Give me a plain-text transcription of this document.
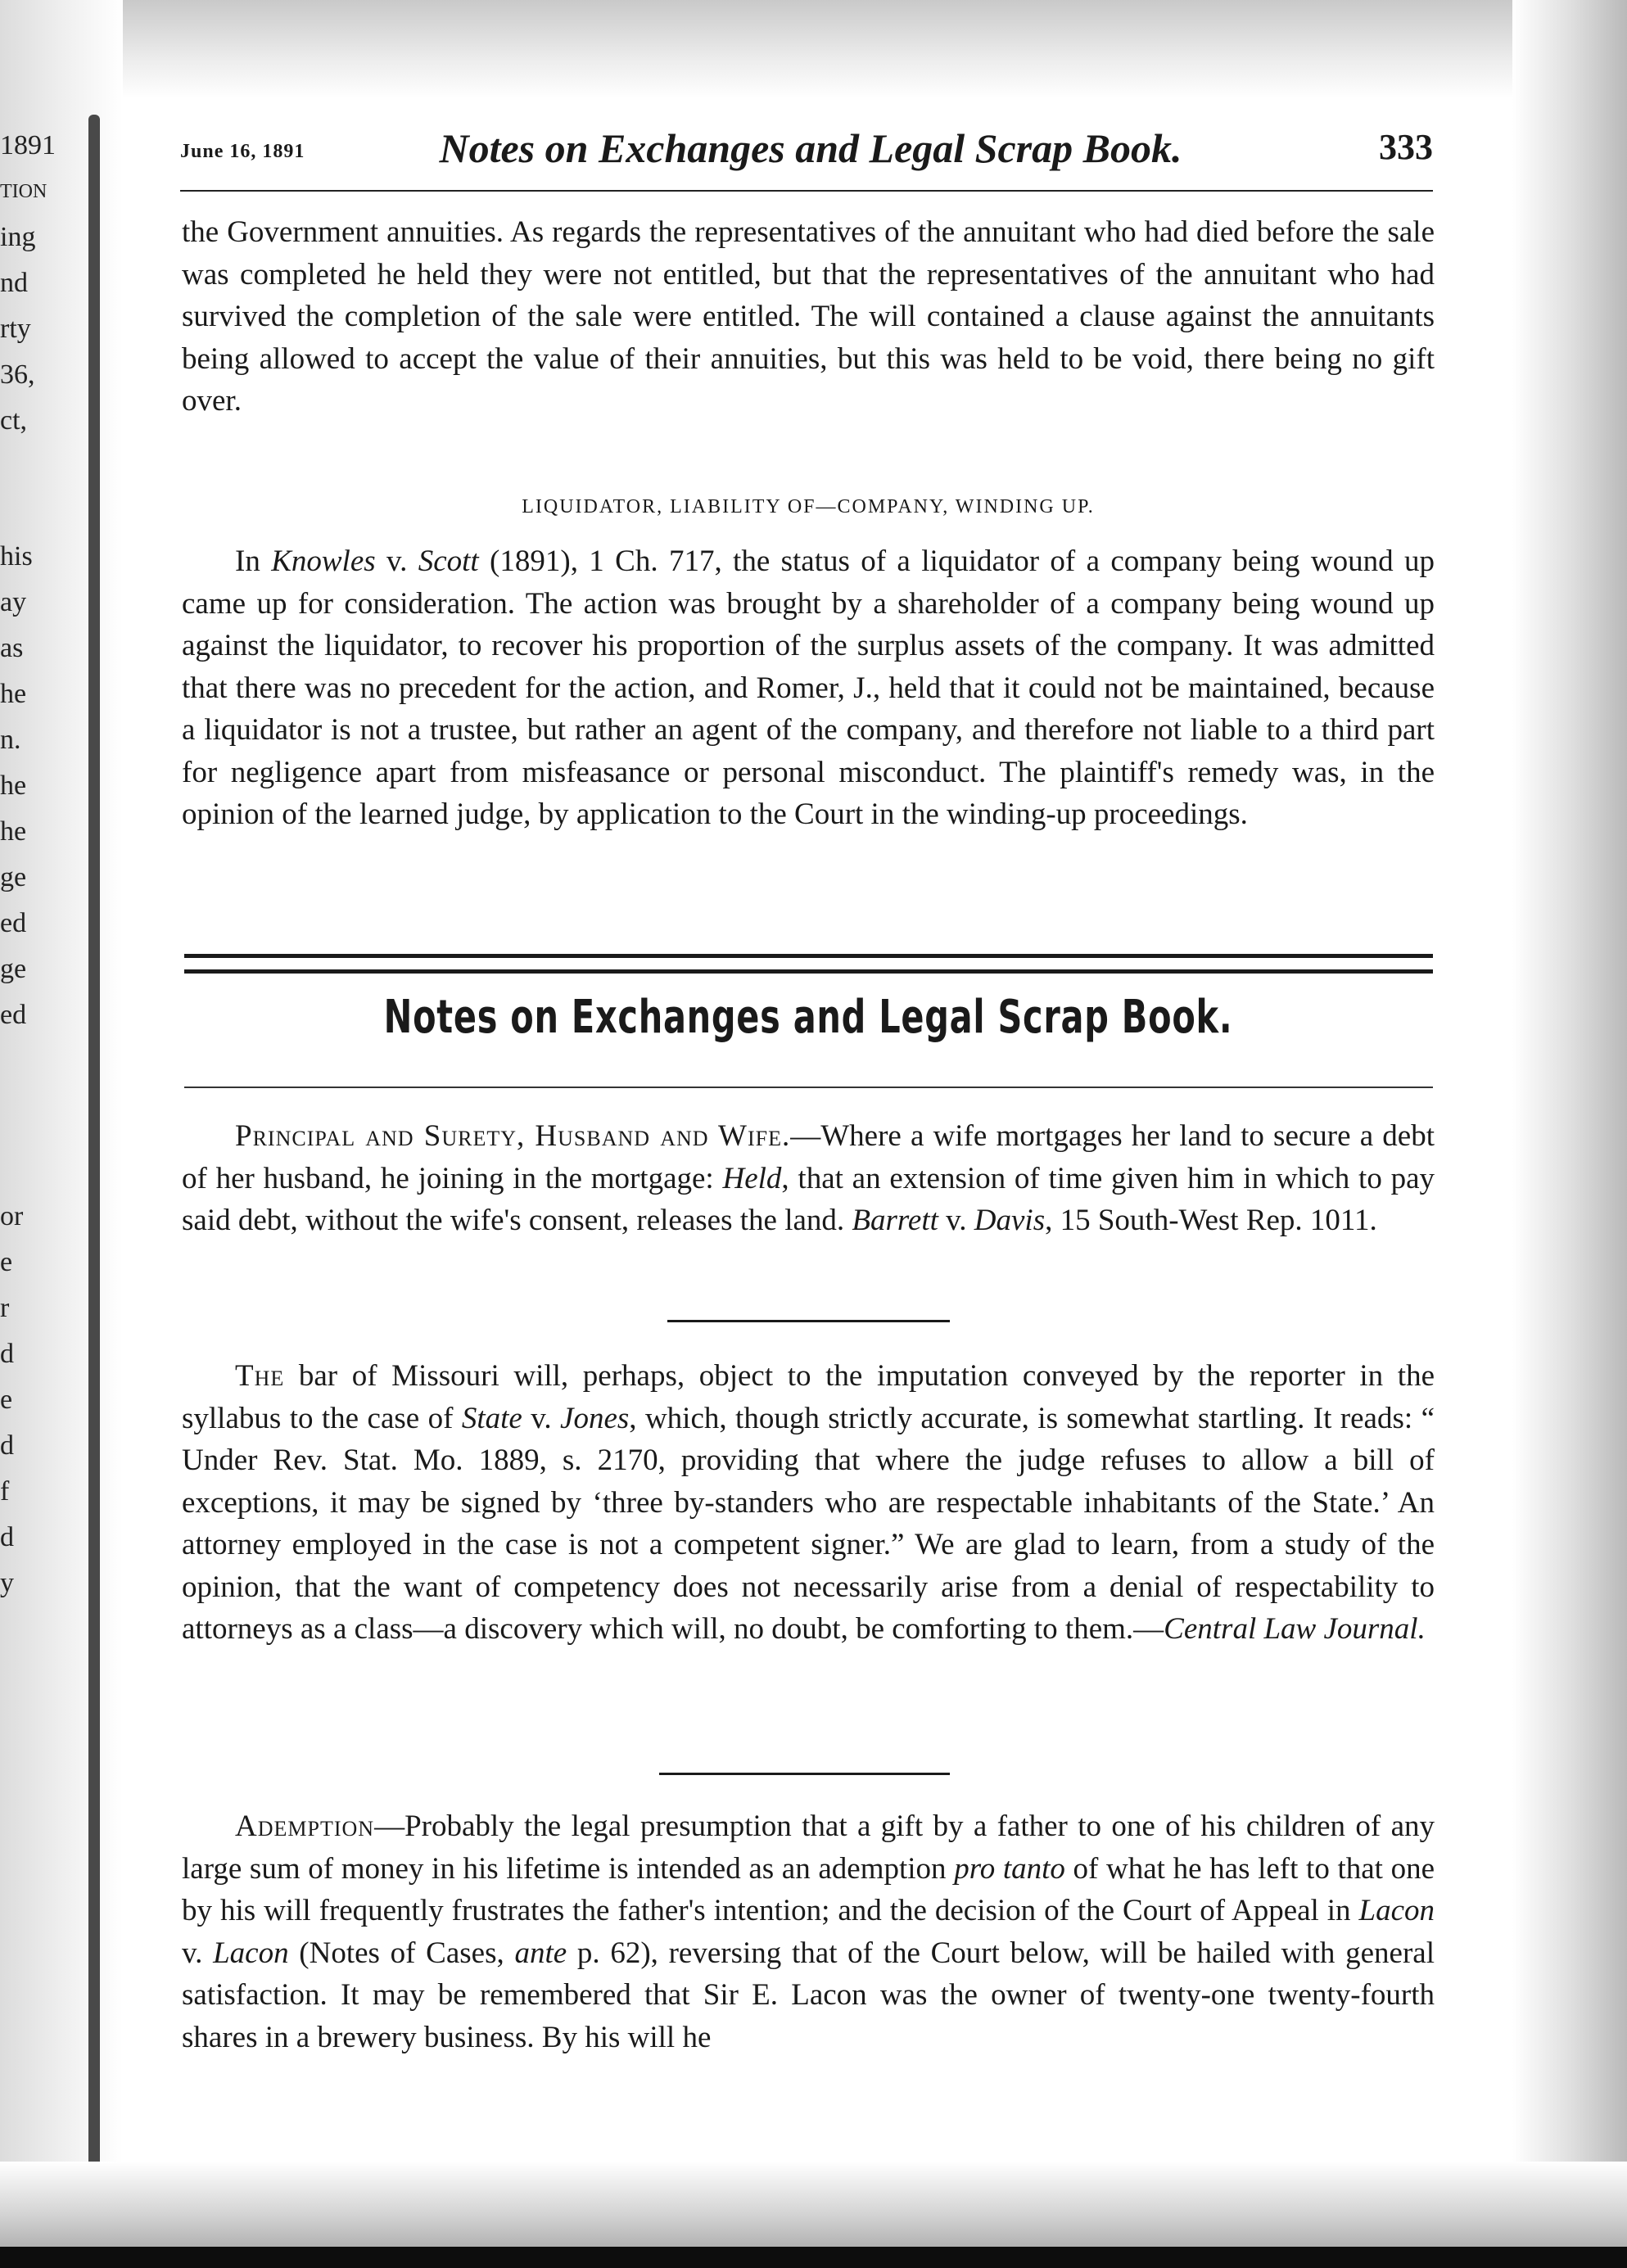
1891
TION
ing
nd
rty
36,
ct,
his
ay
as
he
n.
he
he
ge
ed
ge
ed
or
e
r
d
e
d
f
d
y
June 16, 1891	Notes on Exchanges and Legal Scrap Book.	333

the Government annuities. As regards the representatives of the annuitant who had died before the sale was completed he held they were not entitled, but that the representatives of the annuitant who had survived the completion of the sale were entitled. The will contained a clause against the annuitants being allowed to accept the value of their annuities, but this was held to be void, there being no gift over.

LIQUIDATOR, LIABILITY OF—COMPANY, WINDING UP.

In Knowles v. Scott (1891), 1 Ch. 717, the status of a liquidator of a company being wound up came up for consideration. The action was brought by a shareholder of a company being wound up against the liquidator, to recover his proportion of the surplus assets of the company. It was admitted that there was no precedent for the action, and Romer, J., held that it could not be maintained, because a liquidator is not a trustee, but rather an agent of the company, and therefore not liable to a third part for negligence apart from misfeasance or personal misconduct. The plaintiff's remedy was, in the opinion of the learned judge, by application to the Court in the winding-up proceedings.

Notes on Exchanges and Legal Scrap Book.

Principal and Surety, Husband and Wife.—Where a wife mortgages her land to secure a debt of her husband, he joining in the mortgage: Held, that an extension of time given him in which to pay said debt, without the wife's consent, releases the land. Barrett v. Davis, 15 South-West Rep. 1011.

The bar of Missouri will, perhaps, object to the imputation conveyed by the reporter in the syllabus to the case of State v. Jones, which, though strictly accurate, is somewhat startling. It reads: “ Under Rev. Stat. Mo. 1889, s. 2170, providing that where the judge refuses to allow a bill of exceptions, it may be signed by ‘three by-standers who are respectable inhabitants of the State.’ An attorney employed in the case is not a competent signer.” We are glad to learn, from a study of the opinion, that the want of competency does not necessarily arise from a denial of respectability to attorneys as a class—a discovery which will, no doubt, be comforting to them.—Central Law Journal.

Ademption—Probably the legal presumption that a gift by a father to one of his children of any large sum of money in his lifetime is intended as an ademption pro tanto of what he has left to that one by his will frequently frustrates the father's intention; and the decision of the Court of Appeal in Lacon v. Lacon (Notes of Cases, ante p. 62), reversing that of the Court below, will be hailed with general satisfaction. It may be remembered that Sir E. Lacon was the owner of twenty-one twenty-fourth shares in a brewery business. By his will he
